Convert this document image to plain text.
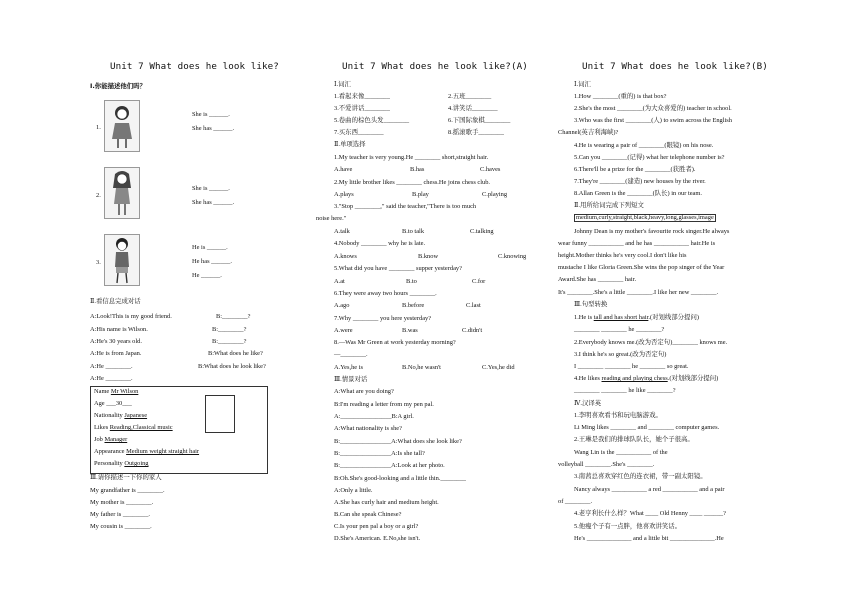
Unit 7 What does he look like?
Ⅰ.你能描述他们吗？
1.
She is ______.
She has ______.
2.
She is ______.
She has ______.
3.
He is ______.
He has ______.
He ______.
Ⅱ.看信息完成对话
A:Look!This is my good friend.	B:________?
A:His name is Wilson.	B:________?
A:He's 30 years old.	B:________?
A:He is from Japan.	B:What does he like?
A:He ________.	B:What does he look like?
A:He ________.
Name Mr Wilson
Age ___30___
Nationality Japanese
Likes Reading,Classical music
Job Manager
Appearance Medium weight straight hair
Personality Outgoing
Ⅲ.请你描述一下你的家人
My grandfather is ________.
My mother is ________.
My father is ________.
My cousin is ________.
Unit 7 What does he look like?(A)
Ⅰ.词汇
1.看起来像________	2.五班________
3.不爱讲话________	4.讲笑话________
5.卷曲的棕色头发________	6.下国际象棋________
7.买东西________	8.摇滚歌手________
Ⅱ.单项选择
1.My teacher is very young.He ________ short,straight hair.
A.have	B.has	C.haves
2.My little brother likes ________ chess.He joins chess club.
A.plays	B.play	C.playing
3."Stop ________," said the teacher,"There is too much
noise here."
A.talk	B.to talk	C.talking
4.Nobody ________ why he is late.
A.knows	B.know	C.knowing
5.What did you have ________ supper yesterday?
A.at	B.to	C.for
6.They were away two hours ________.
A.ago	B.before	C.last
7.Why ________ you here yesterday?
A.were	B.was	C.didn't
8.—Was Mr Green at work yesterday morning?
—________.
A.Yes,he is	B.No,he wasn't	C.Yes,he did
Ⅲ.情景对话
A:What are you doing?
B:I'm reading a letter from my pen pal.
A:________________B:A girl.
A:What nationality is she?
B:________________A:What does she look like?
B:________________A:Is she tall?
B:________________A:Look at her photo.
B:Oh.She's good-looking and a little thin.________
A:Only a little.
A.She has curly hair and medium height.
B.Can she speak Chinese?
C.Is your pen pal a boy or a girl?
D.She's American. E.No,she isn't.
Unit 7 What does he look like?(B)
Ⅰ.词汇
1.How ________(重的) is that box?
2.She's the most ________(为大众喜爱的) teacher in school.
3.Who was the first ________(人) to swim across the English
Channel(英吉利海峡)?
4.He is wearing a pair of ________(眼镜) on his nose.
5.Can you ________(记得) what her telephone number is?
6.There'll be a prize for the ________(获胜者).
7.They're ________(建造) new houses by the river.
8.Allan Green is the ________(队长) in our team.
Ⅱ.用所给词完成下列短文
medium,curly,straight,black,heavy,long,glasses,image
Johnny Dean is my mother's favourite rock singer.He always
wear funny ___________ and he has ___________ hair.He is
height.Mother thinks he's very cool.I don't like his
mustache I like Gloria Green.She wins the pop singer of the Year
Award.She has ________ hair.
It's ________.She's a little ________.I like her new ________.
Ⅲ.句型转换
1.He is tall and has short hair.(对划线部分提问)
________ ________ he ________?
2.Everybody knows me.(改为否定句)________ knows me.
3.I think he's so great.(改为否定句)
I ________ ________ he ________ so great.
4.He likes reading and playing chess.(对划线部分提问)
________ ________ he like ________?
Ⅳ.汉译英
1.李明喜欢看书和玩电脑游戏。
Li Ming likes ________ and ________ computer games.
2.王琳是我们的排球队队长，她个子很高。
Wang Lin is the ___________ of the
volleyball ________.She's ________.
3.南茜总喜欢穿红色的连衣裙，带一副太阳镜。
Nancy always ___________ a red ___________ and a pair
of ________.
4.老亨利长什么样？What ____ Old Henny ____ ______?
5.他瘦个子有一点胖，他喜欢讲笑话。
He's ______________ and a little bit ______________.He
